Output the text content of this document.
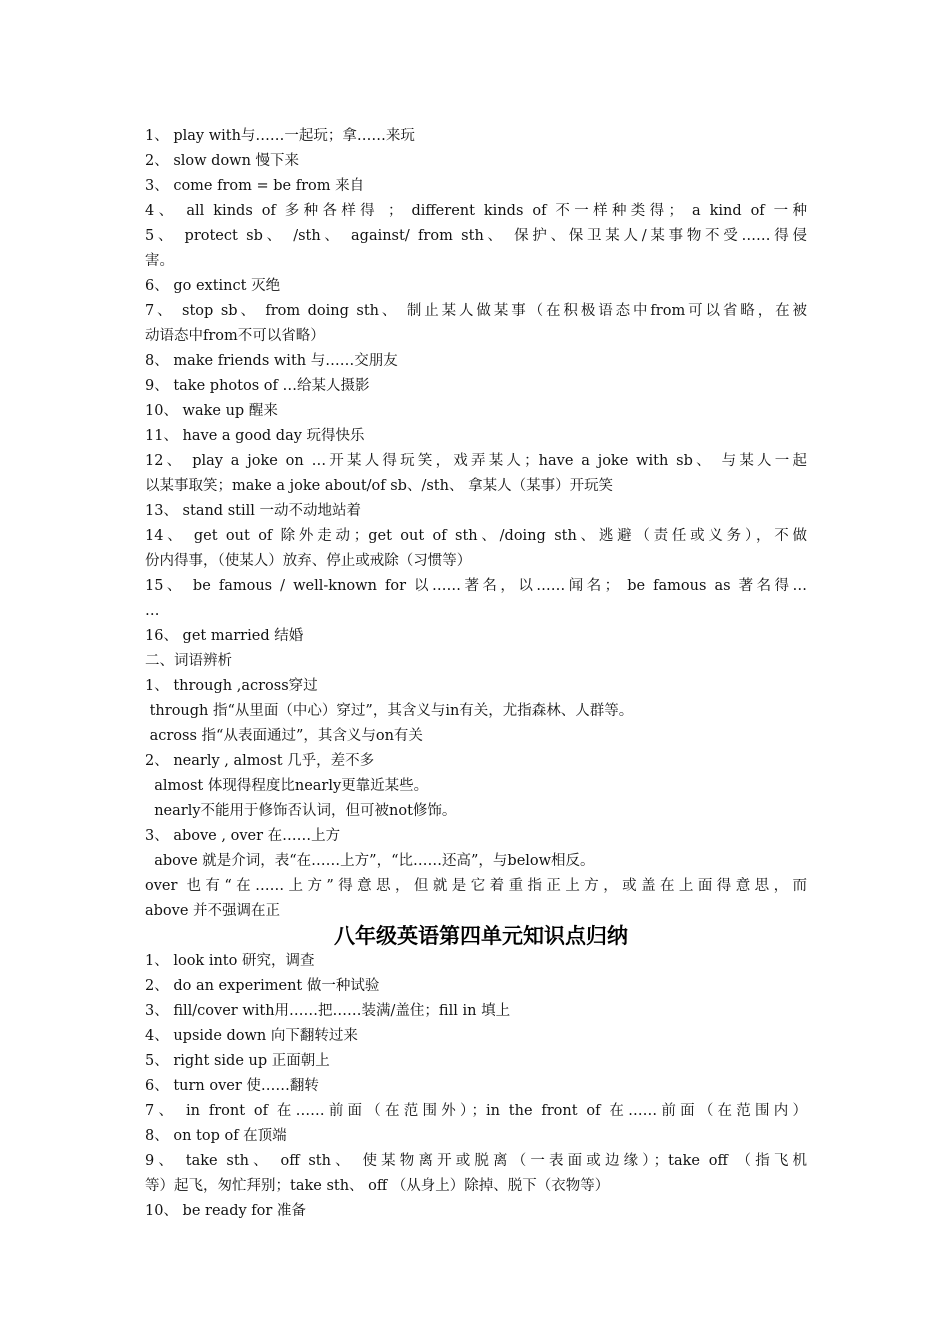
1、 play with与……一起玩；拿……来玩
2、 slow down 慢下来
3、 come from = be from 来自
4、 all kinds of 多种各样得 ； different kinds of 不一样种类得； a kind of 一种
5、 protect sb、 /sth、 against/ from sth、 保护、保卫某人/某事物不受……得侵
害。
6、 go extinct 灭绝
7、 stop sb、 from doing sth、 制止某人做某事（在积极语态中from可以省略，在被
动语态中from不可以省略）
8、 make friends with 与……交朋友
9、 take photos of …给某人摄影
10、 wake up 醒来
11、 have a good day 玩得快乐
12、 play a joke on …开某人得玩笑，戏弄某人；have a joke with sb、 与某人一起
以某事取笑；make a joke about/of sb、/sth、 拿某人（某事）开玩笑
13、 stand still 一动不动地站着
14、 get out of 除外走动；get out of sth、/doing sth、逃避（责任或义务），不做
份内得事，（使某人）放弃、停止或戒除（习惯等）
15、 be famous / well-known for 以……著名，以……闻名； be famous as 著名得…
…
16、 get married 结婚
二、词语辨析
1、 through ,across穿过
through 指“从里面（中心）穿过”，其含义与in有关，尤指森林、人群等。
across 指“从表面通过”，其含义与on有关
2、 nearly , almost 几乎，差不多
almost 体现得程度比nearly更靠近某些。
nearly不能用于修饰否认词，但可被not修饰。
3、 above , over 在……上方
above 就是介词，表“在……上方”，“比……还高”，与below相反。
over 也有“在……上方”得意思，但就是它着重指正上方，或盖在上面得意思，而
above 并不强调在正
八年级英语第四单元知识点归纳
1、 look into 研究，调查
2、 do an experiment 做一种试验
3、 fill/cover with用……把……装满/盖住；fill in 填上
4、 upside down 向下翻转过来
5、 right side up 正面朝上
6、 turn over 使……翻转
7、 in front of 在……前面（在范围外）；in the front of 在……前面（在范围内）
8、 on top of 在顶端
9、 take sth、 off sth、 使某物离开或脱离（一表面或边缘）；take off （指飞机
等）起飞，匆忙拜别；take sth、 off （从身上）除掉、脱下（衣物等）
10、 be ready for 准备
